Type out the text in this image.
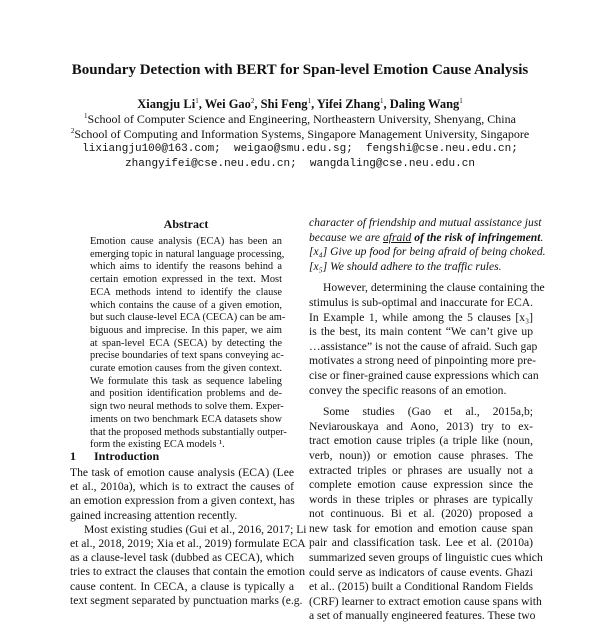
Boundary Detection with BERT for Span-level Emotion Cause Analysis
Xiangju Li$^1$, Wei Gao$^2$, Shi Feng$^1$, Yifei Zhang$^1$, Daling Wang$^1$
$^1$School of Computer Science and Engineering, Northeastern University, Shenyang, China
$^2$School of Computing and Information Systems, Singapore Management University, Singapore
lixiangju100@163.com;  weigao@smu.edu.sg;  fengshi@cse.neu.edu.cn;
zhangyifei@cse.neu.edu.cn;  wangdaling@cse.neu.edu.cn
Abstract
Emotion cause analysis (ECA) has been an
emerging topic in natural language processing,
which aims to identify the reasons behind a
certain emotion expressed in the text. Most
ECA methods intend to identify the clause
which contains the cause of a given emotion,
but such clause-level ECA (CECA) can be am-
biguous and imprecise. In this paper, we aim
at span-level ECA (SECA) by detecting the
precise boundaries of text spans conveying ac-
curate emotion causes from the given context.
We formulate this task as sequence labeling
and position identification problems and de-
sign two neural methods to solve them. Exper-
iments on two benchmark ECA datasets show
that the proposed methods substantially outper-
form the existing ECA models ¹.
1 Introduction
The task of emotion cause analysis (ECA) (Lee
et al., 2010a), which is to extract the causes of
an emotion expression from a given context, has
gained increasing attention recently.
Most existing studies (Gui et al., 2016, 2017; Li
et al., 2018, 2019; Xia et al., 2019) formulate ECA
as a clause-level task (dubbed as CECA), which
tries to extract the clauses that contain the emotion
cause content. In CECA, a clause is typically a
text segment separated by punctuation marks (e.g.
character of friendship and mutual assistance just
because we are afraid of the risk of infringement.
[x₄] Give up food for being afraid of being choked.
[x₅] We should adhere to the traffic rules.
However, determining the clause containing the
stimulus is sub-optimal and inaccurate for ECA.
In Example 1, while among the 5 clauses [x₃]
is the best, its main content “We can’t give up
…assistance” is not the cause of afraid. Such gap
motivates a strong need of pinpointing more pre-
cise or finer-grained cause expressions which can
convey the specific reasons of an emotion.
Some studies (Gao et al., 2015a,b;
Neviarouskaya and Aono, 2013) try to ex-
tract emotion cause triples (a triple like (noun,
verb, noun)) or emotion cause phrases. The
extracted triples or phrases are usually not a
complete emotion cause expression since the
words in these triples or phrases are typically
not continuous. Bi et al. (2020) proposed a
new task for emotion and emotion cause span
pair and classification task. Lee et al. (2010a)
summarized seven groups of linguistic cues which
could serve as indicators of cause events. Ghazi
et al.. (2015) built a Conditional Random Fields
(CRF) learner to extract emotion cause spans with
a set of manually engineered features. These two
